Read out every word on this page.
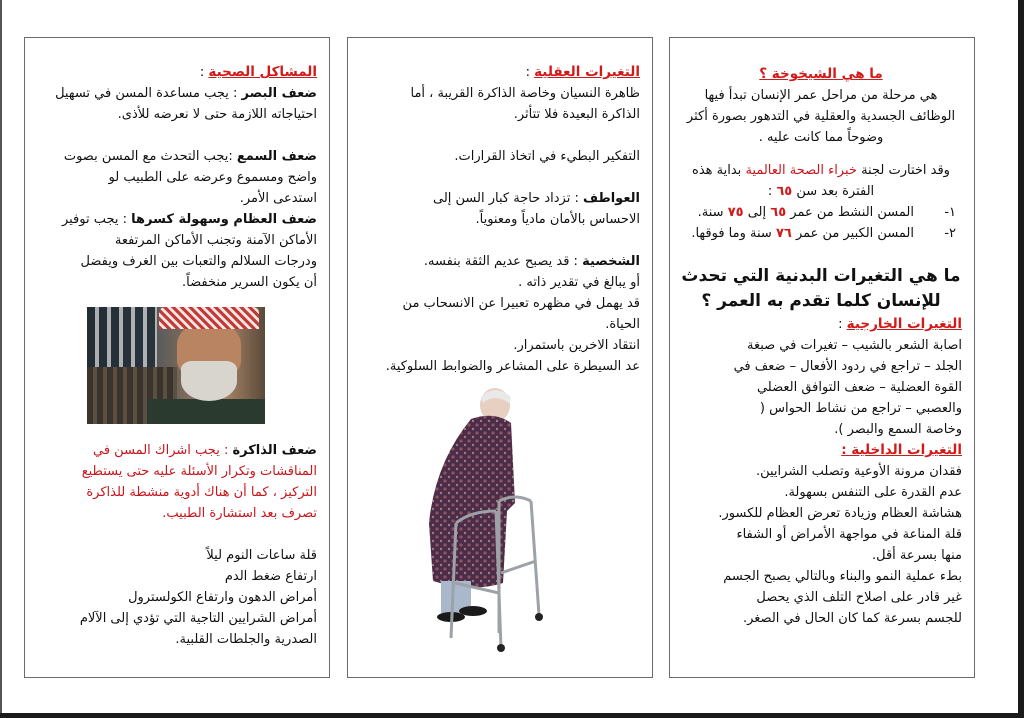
ما هي الشيخوخة ؟

هي مرحلة من مراحل عمر الإنسان تبدأ فيها

الوظائف الجسدية والعقلية في التدهور بصورة أكثر

وضوحاً مما كانت عليه .

وقد اختارت لجنة خبراء الصحة العالمية بداية هذه

الفترة بعد سن ٦٥ :

١-
المسن النشط من عمر ٦٥ إلى ٧٥ سنة.
٢-
المسن الكبير من عمر ٧٦ سنة وما فوقها.

ما هي التغيرات البدنية التي تحدث

للإنسان كلما تقدم به العمر ؟

التغيرات الخارجية :

اصابة الشعر بالشيب – تغيرات في صبغة

الجلد – تراجع في ردود الأفعال – ضعف في

القوة العضلية – ضعف التوافق العضلي

والعصبي – تراجع من نشاط الحواس (

وخاصة السمع والبصر ).

التغيرات الداخلية :

فقدان مرونة الأوعية وتصلب الشرايين.

عدم القدرة على التنفس بسهولة.

هشاشة العظام وزيادة تعرض العظام للكسور.

قلة المناعة في مواجهة الأمراض أو الشفاء

منها بسرعة أقل.

بطء عملية النمو والبناء وبالتالي يصبح الجسم

غير قادر على اصلاح التلف الذي يحصل

للجسم بسرعة كما كان الحال في الصغر.

التغيرات العقلية :

ظاهرة النسيان وخاصة الذاكرة القريبة ، أما

الذاكرة البعيدة فلا تتأثر.

التفكير البطيء في اتخاذ القرارات.

العواطف : تزداد حاجة كبار السن إلى

الاحساس بالأمان مادياً ومعنوياً.

الشخصية : قد يصبح عديم الثقة بنفسه.

أو يبالغ في تقدير ذاته .

قد يهمل في مظهره تعبيرا عن الانسحاب من

الحياة.

انتقاد الاخرين باستمرار.

عد السيطرة على المشاعر والضوابط السلوكية.

المشاكل الصحية :

ضعف البصر : يجب مساعدة المسن في تسهيل

احتياجاته اللازمة حتى لا نعرضه للأذى.

ضعف السمع :يجب التحدث مع المسن بصوت

واضح ومسموع وعرضه على الطبيب لو

استدعى الأمر.

ضعف العظام وسهولة كسرها : يجب توفير

الأماكن الآمنة وتجنب الأماكن المرتفعة

ودرجات السلالم والتعبات بين الغرف ويفضل

أن يكون السرير منخفضاً.

ضعف الذاكرة : يجب اشراك المسن في

المناقشات وتكرار الأسئلة عليه حتى يستطيع

التركيز ، كما أن هناك أدوية منشطة للذاكرة

تصرف بعد استشارة الطبيب.

قلة ساعات النوم ليلاً

ارتفاع ضغط الدم

أمراض الدهون وارتفاع الكولسترول

أمراض الشرايين التاجية التي تؤدي إلى الآلام

الصدرية والجلطات القلبية.
